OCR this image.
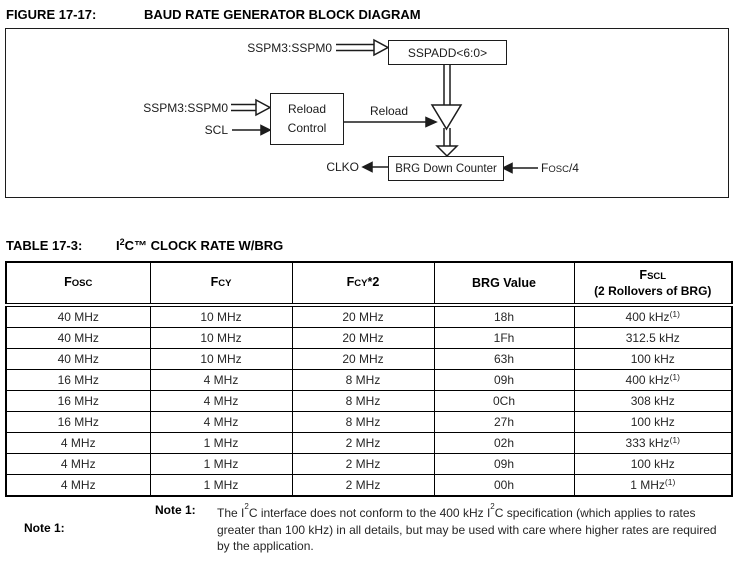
FIGURE 17-17:	BAUD RATE GENERATOR BLOCK DIAGRAM
SSPADD<6:0>
Reload
Control
BRG Down Counter
SSPM3:SSPM0
SSPM3:SSPM0
SCL
Reload
CLKO	FOSC/4
TABLE 17-3:	$I^2C™$ CLOCK RATE W/BRG
FOSC	FCY	FCY*2	BRG Value	FSCL
(2 Rollovers of BRG)

40 MHz	10 MHz	20 MHz	18h	400 kHz$^{(1)}$
40 MHz	10 MHz	20 MHz	1Fh	312.5 kHz
40 MHz	10 MHz	20 MHz	63h	100 kHz
16 MHz	4 MHz	8 MHz	09h	400 kHz$^{(1)}$
16 MHz	4 MHz	8 MHz	0Ch	308 kHz
16 MHz	4 MHz	8 MHz	27h	100 kHz
4 MHz	1 MHz	2 MHz	02h	333 kHz$^{(1)}$
4 MHz	1 MHz	2 MHz	09h	100 kHz
4 MHz	1 MHz	2 MHz	00h	1 MHz$^{(1)}$
Note 1:
Note 1: The $I^2C$ interface does not conform to the 400 kHz $I^2C$ specification (which applies to rates greater than 100 kHz) in all details, but may be used with care where higher rates are required by the application.
